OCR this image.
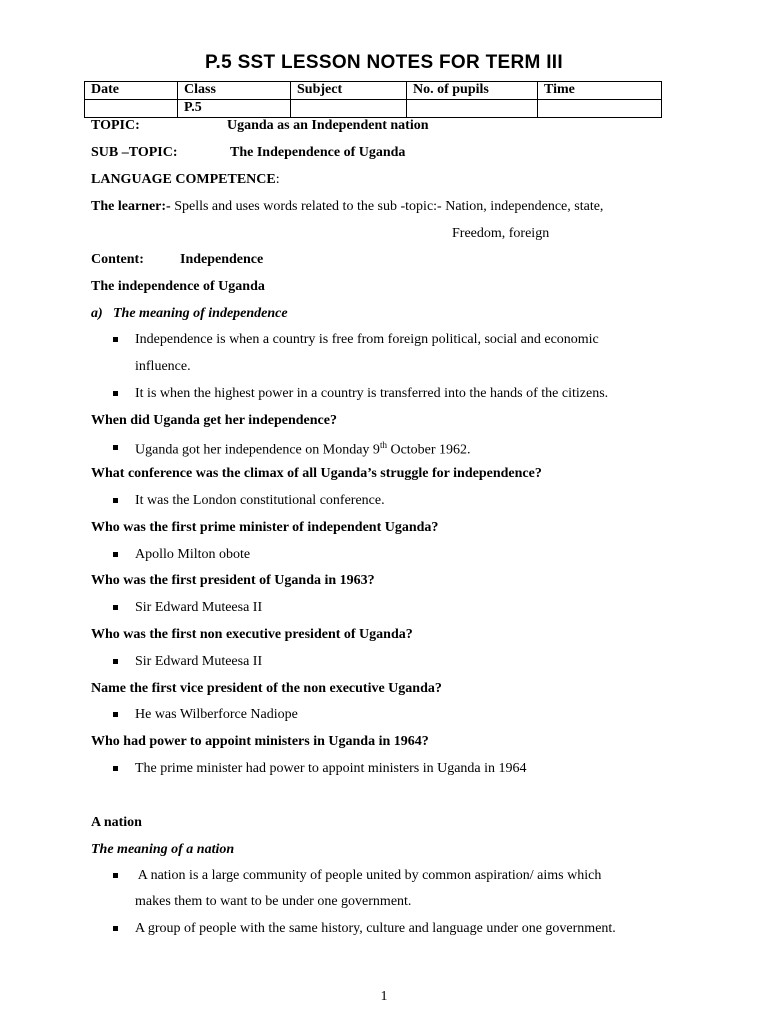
P.5 SST LESSON NOTES FOR TERM III
Date	Class	Subject	No. of pupils	Time
	P.5			
TOPIC:	Uganda as an Independent nation
SUB –TOPIC:	The Independence of Uganda
LANGUAGE COMPETENCE:
The learner:- Spells and uses words related to the sub -topic:- Nation, independence, state,
Freedom, foreign
Content:	Independence
The independence of Uganda
a) The meaning of independence
Independence is when a country is free from foreign political, social and economic
influence.
It is when the highest power in a country is transferred into the hands of the citizens.
When did Uganda get her independence?
Uganda got her independence on Monday 9th October 1962.
What conference was the climax of all Uganda’s struggle for independence?
It was the London constitutional conference.
Who was the first prime minister of independent Uganda?
Apollo Milton obote
Who was the first president of Uganda in 1963?
Sir Edward Muteesa II
Who was the first non executive president of Uganda?
Sir Edward Muteesa II
Name the first vice president of the non executive Uganda?
He was Wilberforce Nadiope
Who had power to appoint ministers in Uganda in 1964?
The prime minister had power to appoint ministers in Uganda in 1964
A nation
The meaning of a nation
A nation is a large community of people united by common aspiration/ aims which
makes them to want to be under one government.
A group of people with the same history, culture and language under one government.
1
